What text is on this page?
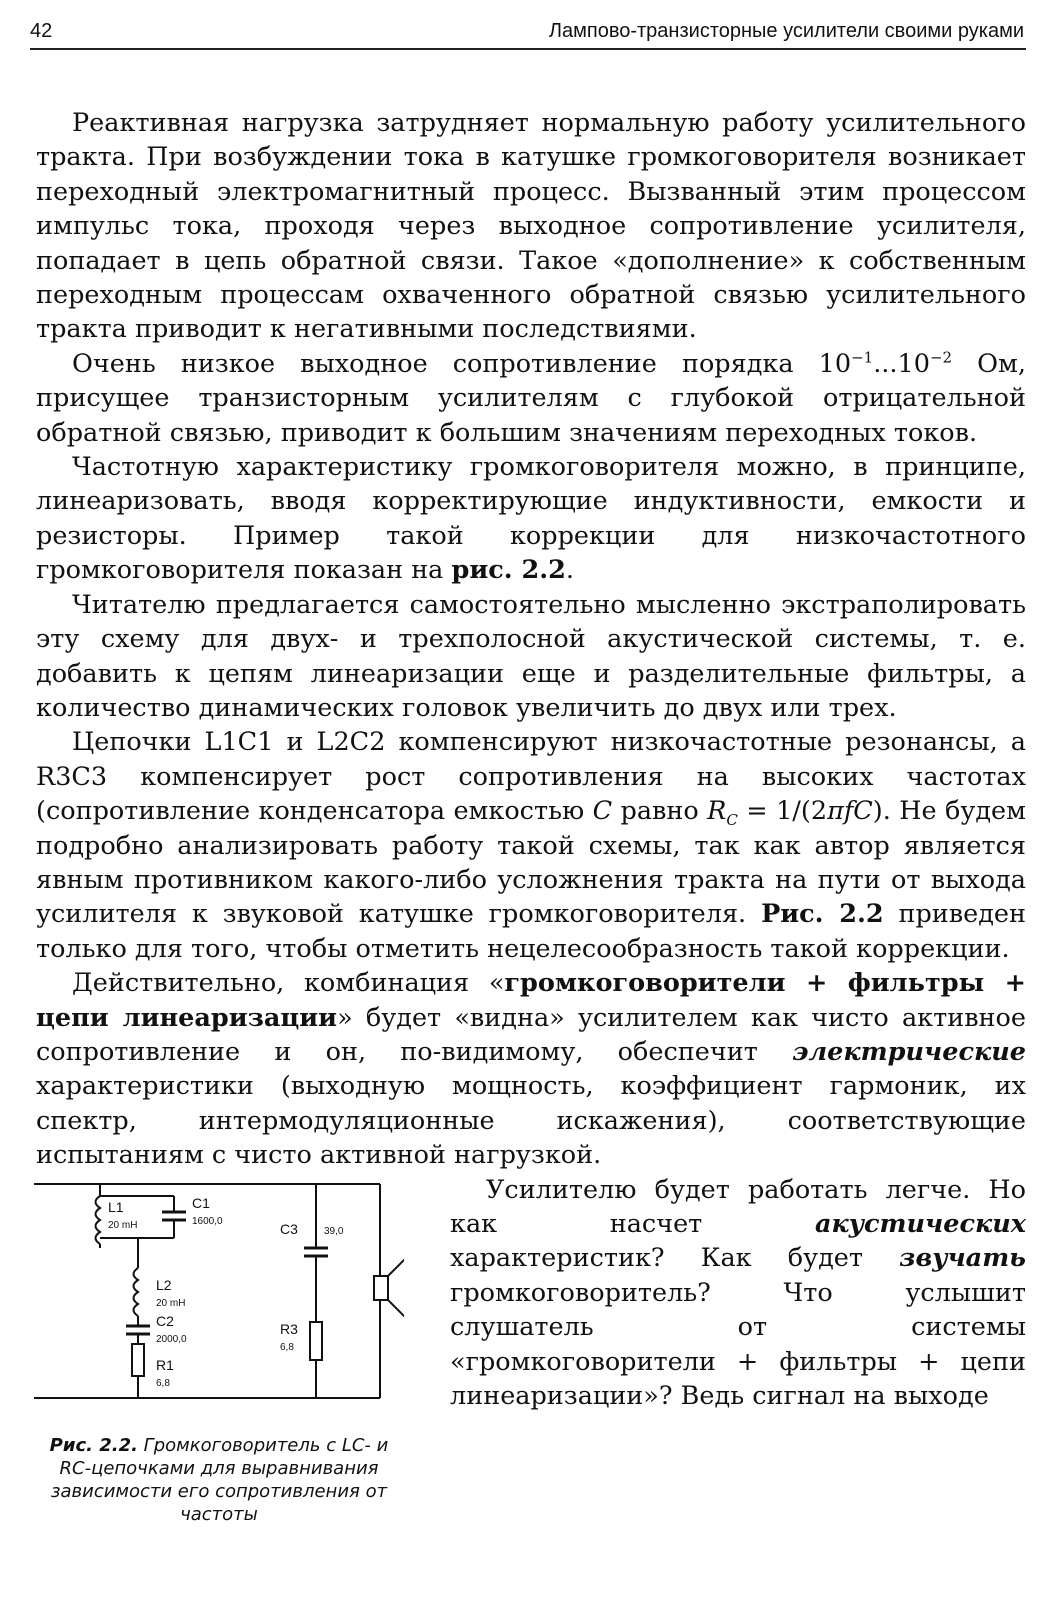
42	Лампово-транзисторные усилители своими руками

Реактивная нагрузка затрудняет нормальную работу усилительного тракта. При возбуждении тока в катушке громкоговорителя возникает переходный электромагнитный процесс. Вызванный этим процессом импульс тока, проходя через выходное сопротивление усилителя, попадает в цепь обратной связи. Такое «дополнение» к собственным переходным процессам охваченного обратной связью усилительного тракта приводит к негативными последствиями.

Очень низкое выходное сопротивление порядка $10^{-1}...10^{-2}$ Ом, присущее транзисторным усилителям с глубокой отрицательной обратной связью, приводит к большим значениям переходных токов.

Частотную характеристику громкоговорителя можно, в принципе, линеаризовать, вводя корректирующие индуктивности, емкости и резисторы. Пример такой коррекции для низкочастотного громкоговорителя показан на рис. 2.2.

Читателю предлагается самостоятельно мысленно экстраполировать эту схему для двух- и трехполосной акустической системы, т. е. добавить к цепям линеаризации еще и разделительные фильтры, а количество динамических головок увеличить до двух или трех.

Цепочки L1C1 и L2C2 компенсируют низкочастотные резонансы, а R3C3 компенсирует рост сопротивления на высоких частотах (сопротивление конденсатора емкостью C равно $R_C = 1/(2\pi fC)$. Не будем подробно анализировать работу такой схемы, так как автор является явным противником какого-либо усложнения тракта на пути от выхода усилителя к звуковой катушке громкоговорителя. Рис. 2.2 приведен только для того, чтобы отметить нецелесообразность такой коррекции.

Действительно, комбинация «громкоговорители + фильтры + цепи линеаризации» будет «видна» усилителем как чисто активное сопротивление и он, по-видимому, обеспечит электрические характеристики (выходную мощность, коэффициент гармоник, их спектр, интермодуляционные искажения), соответствующие испытаниям с чисто активной нагрузкой.

Усилителю будет работать легче. Но как насчет акустических характеристик? Как будет звучать громкоговоритель? Что услышит слушатель от системы «громкоговорители + фильтры + цепи линеаризации»? Ведь сигнал на выходе

L1
20 mH
C1
1600,0
L2
20 mH
C2
2000,0
R1
6,8
C3	39,0
R3
6,8
Рис. 2.2. Громкоговоритель с LC- и RC-цепочками для выравнивания зависимости его сопротивления от частоты
